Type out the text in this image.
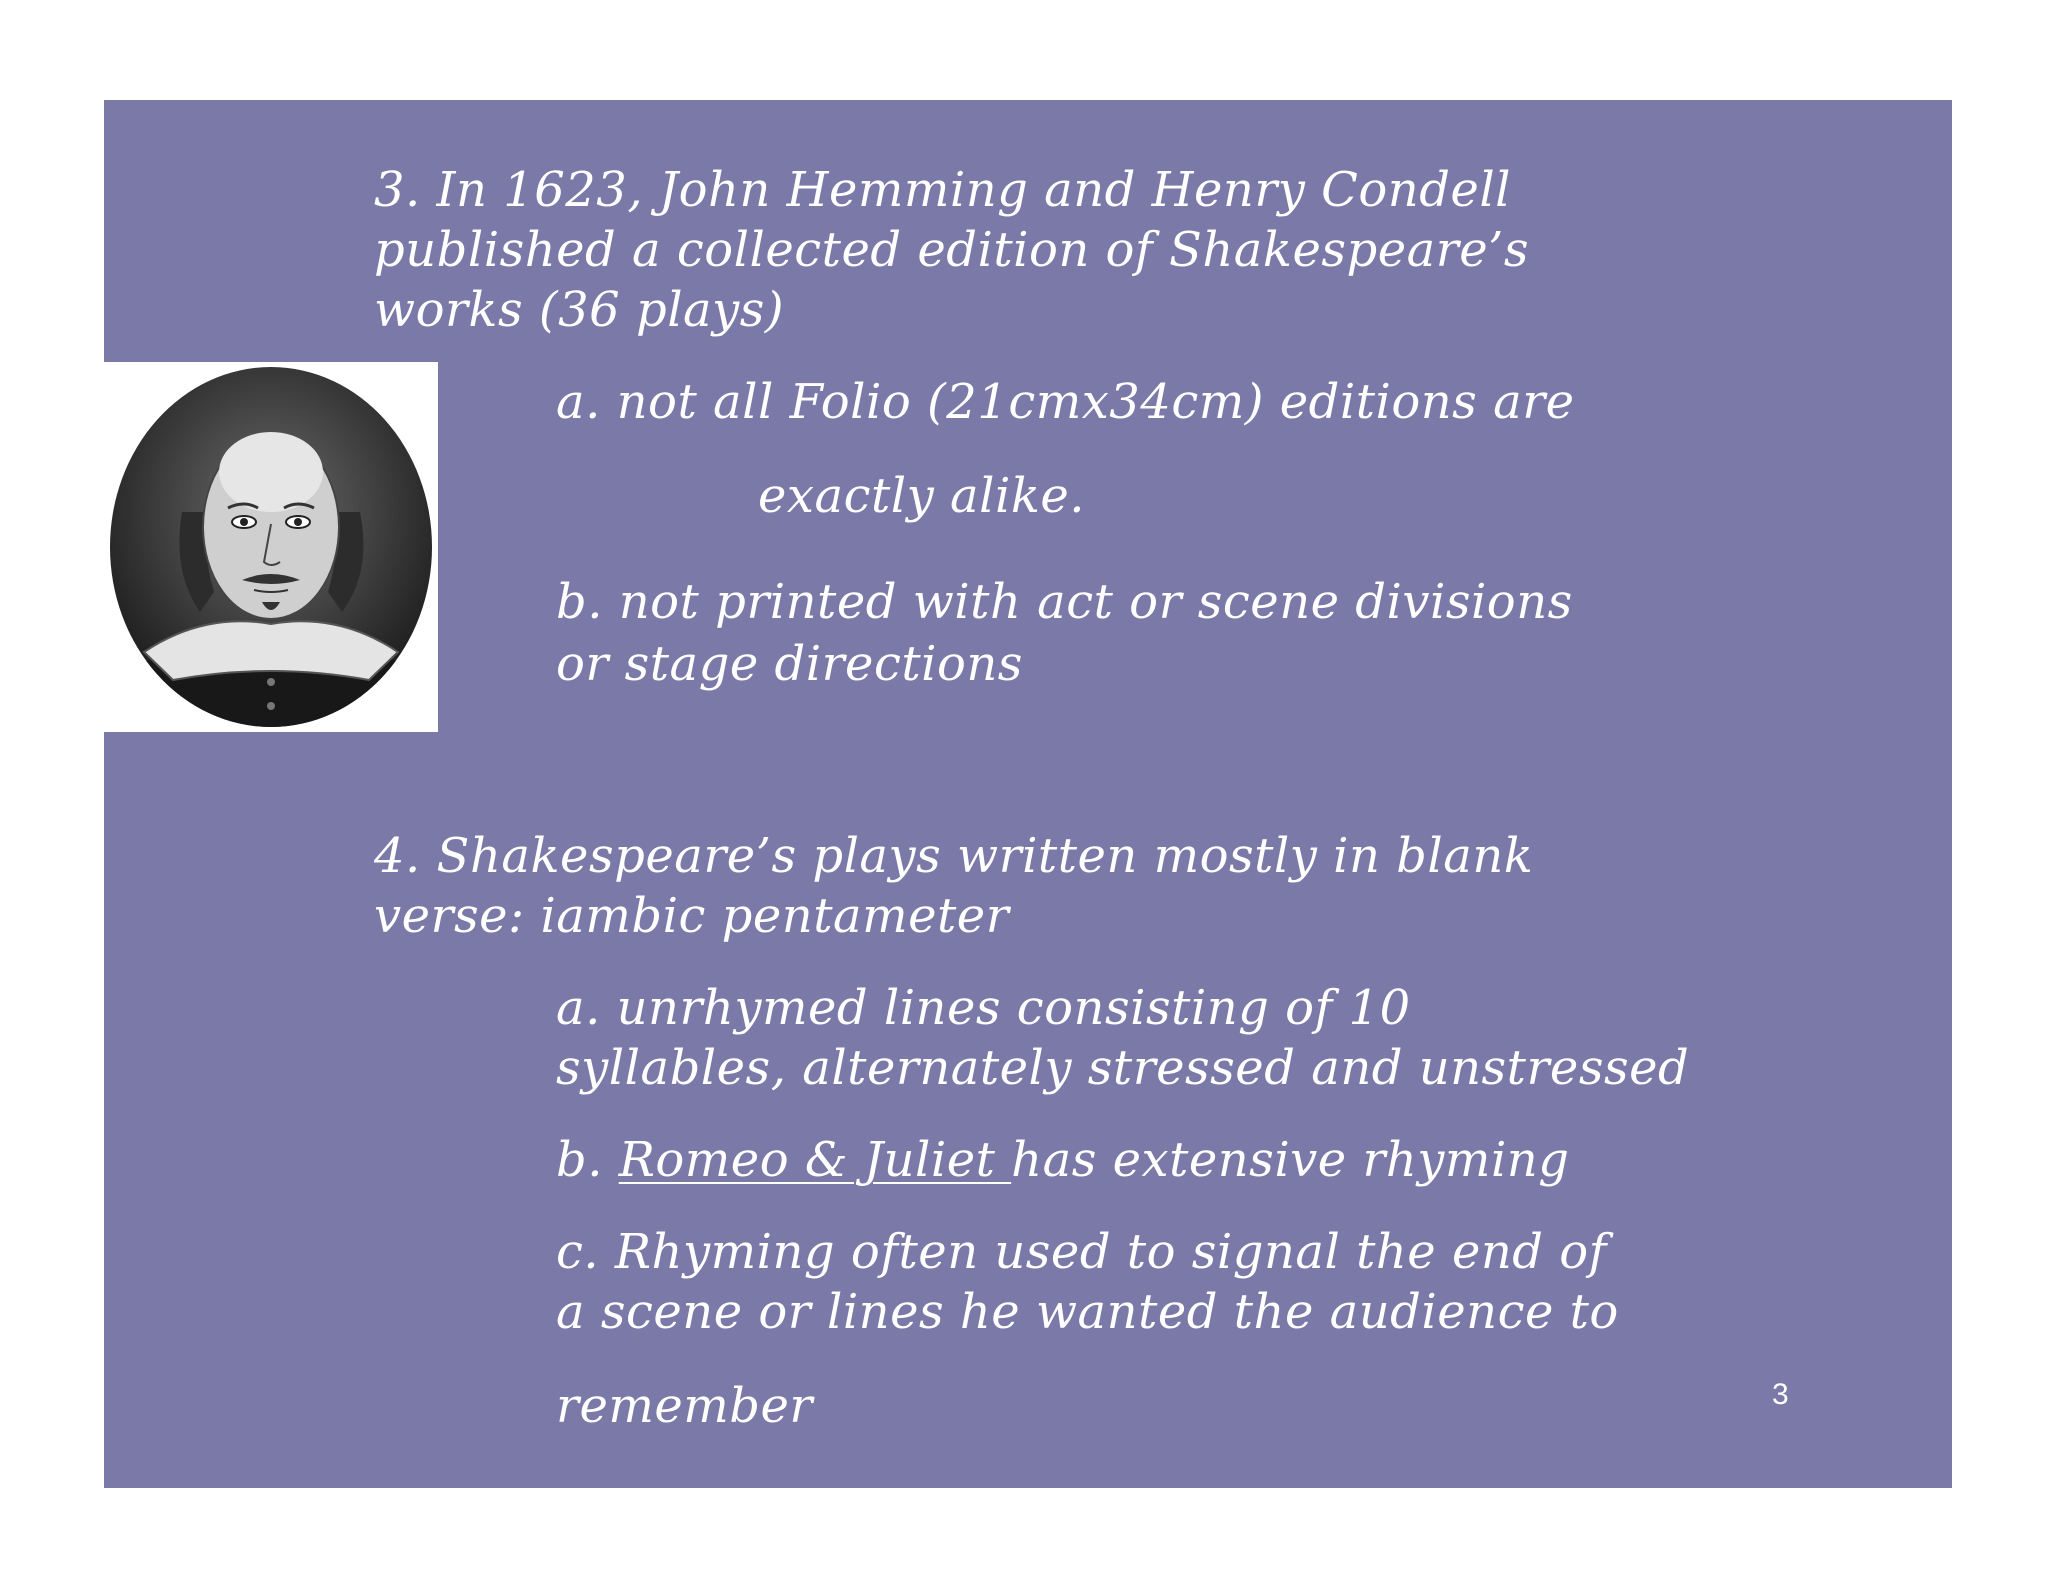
3. In 1623, John Hemming and Henry Condell
published a collected edition of Shakespeare’s
works (36 plays)
a. not all Folio (21cmx34cm) editions are
exactly alike.
b. not printed with act or scene divisions
or stage directions
4. Shakespeare’s plays written mostly in blank
verse: iambic pentameter
a. unrhymed lines consisting of 10
syllables, alternately stressed and unstressed
b. Romeo & Juliet has extensive rhyming
c. Rhyming often used to signal the end of
a scene or lines he wanted the audience to
remember	3
